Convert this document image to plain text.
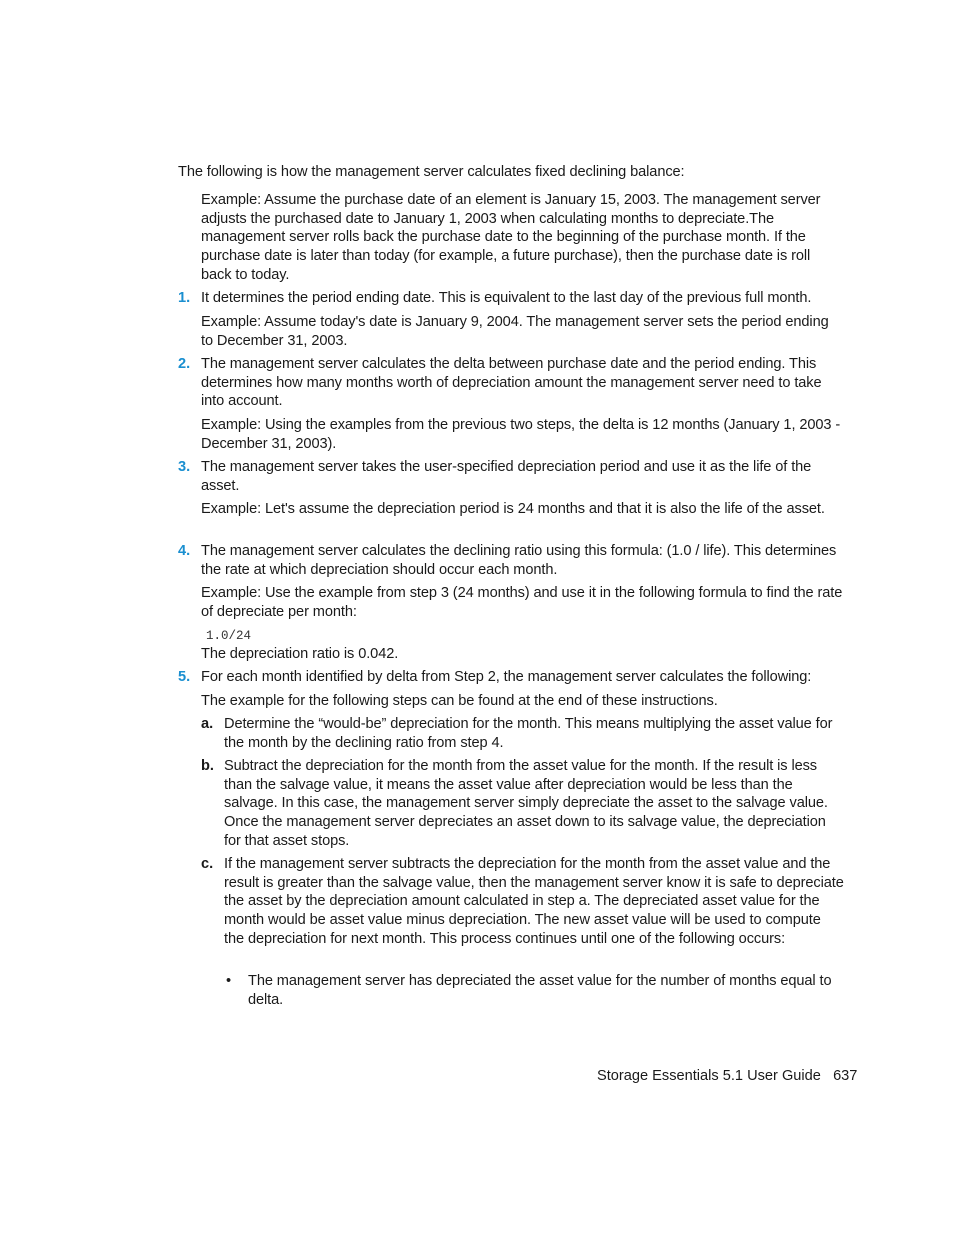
The following is how the management server calculates fixed declining balance:

Example: Assume the purchase date of an element is January 15, 2003. The management server adjusts the purchased date to January 1, 2003 when calculating months to depreciate.The management server rolls back the purchase date to the beginning of the purchase month. If the purchase date is later than today (for example, a future purchase), then the purchase date is roll back to today.

1. It determines the period ending date. This is equivalent to the last day of the previous full month.

Example: Assume today's date is January 9, 2004. The management server sets the period ending to December 31, 2003.

2. The management server calculates the delta between purchase date and the period ending. This determines how many months worth of depreciation amount the management server need to take into account.

Example: Using the examples from the previous two steps, the delta is 12 months (January 1, 2003 - December 31, 2003).

3. The management server takes the user-specified depreciation period and use it as the life of the asset.

Example: Let's assume the depreciation period is 24 months and that it is also the life of the asset.

4. The management server calculates the declining ratio using this formula: (1.0 / life). This determines the rate at which depreciation should occur each month.

Example: Use the example from step 3 (24 months) and use it in the following formula to find the rate of depreciate per month:

1.0/24

The depreciation ratio is 0.042.

5. For each month identified by delta from Step 2, the management server calculates the following:

The example for the following steps can be found at the end of these instructions.

a. Determine the “would-be” depreciation for the month. This means multiplying the asset value for the month by the declining ratio from step 4.

b. Subtract the depreciation for the month from the asset value for the month. If the result is less than the salvage value, it means the asset value after depreciation would be less than the salvage. In this case, the management server simply depreciate the asset to the salvage value. Once the management server depreciates an asset down to its salvage value, the depreciation for that asset stops.

c. If the management server subtracts the depreciation for the month from the asset value and the result is greater than the salvage value, then the management server know it is safe to depreciate the asset by the depreciation amount calculated in step a. The depreciated asset value for the month would be asset value minus depreciation. The new asset value will be used to compute the depreciation for next month. This process continues until one of the following occurs:

• The management server has depreciated the asset value for the number of months equal to delta.

Storage Essentials 5.1 User Guide 637
